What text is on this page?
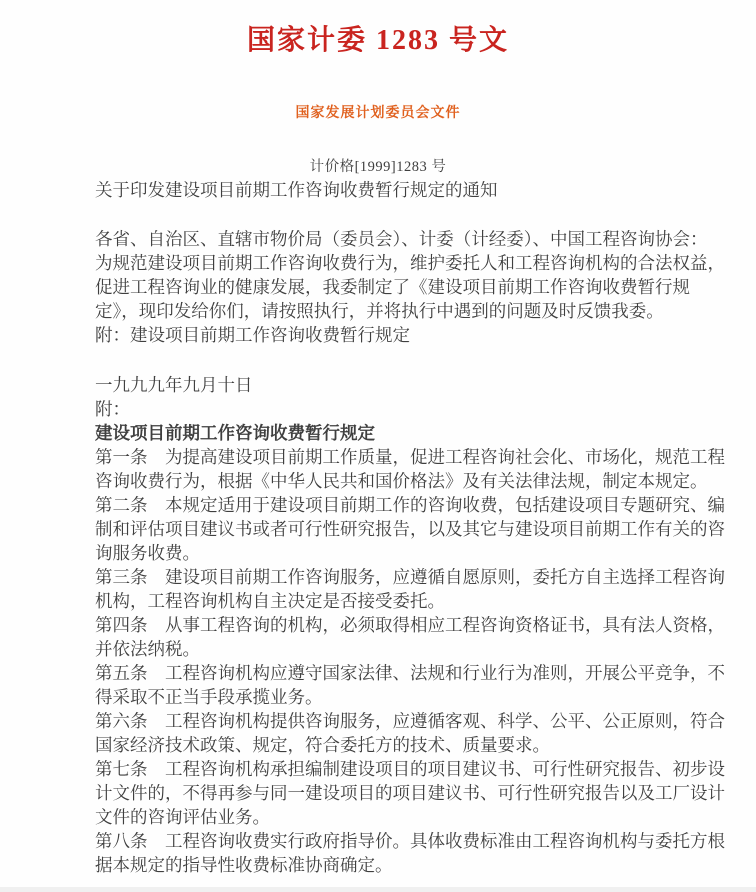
国家计委 1283 号文
国家发展计划委员会文件
计价格[1999]1283 号
关于印发建设项目前期工作咨询收费暂行规定的通知

各省、自治区、直辖市物价局（委员会）、计委（计经委）、中国工程咨询协会：

为规范建设项目前期工作咨询收费行为，维护委托人和工程咨询机构的合法权益，促进工程咨询业的健康发展，我委制定了《建设项目前期工作咨询收费暂行规定》，现印发给你们，请按照执行，并将执行中遇到的问题及时反馈我委。

附：建设项目前期工作咨询收费暂行规定

一九九九年九月十日

附：

建设项目前期工作咨询收费暂行规定

第一条　为提高建设项目前期工作质量，促进工程咨询社会化、市场化，规范工程咨询收费行为，根据《中华人民共和国价格法》及有关法律法规，制定本规定。

第二条　本规定适用于建设项目前期工作的咨询收费，包括建设项目专题研究、编制和评估项目建议书或者可行性研究报告，以及其它与建设项目前期工作有关的咨询服务收费。

第三条　建设项目前期工作咨询服务，应遵循自愿原则，委托方自主选择工程咨询机构，工程咨询机构自主决定是否接受委托。

第四条　从事工程咨询的机构，必须取得相应工程咨询资格证书，具有法人资格，并依法纳税。

第五条　工程咨询机构应遵守国家法律、法规和行业行为准则，开展公平竞争，不得采取不正当手段承揽业务。

第六条　工程咨询机构提供咨询服务，应遵循客观、科学、公平、公正原则，符合国家经济技术政策、规定，符合委托方的技术、质量要求。

第七条　工程咨询机构承担编制建设项目的项目建议书、可行性研究报告、初步设计文件的，不得再参与同一建设项目的项目建议书、可行性研究报告以及工厂设计文件的咨询评估业务。

第八条　工程咨询收费实行政府指导价。具体收费标准由工程咨询机构与委托方根据本规定的指导性收费标准协商确定。
